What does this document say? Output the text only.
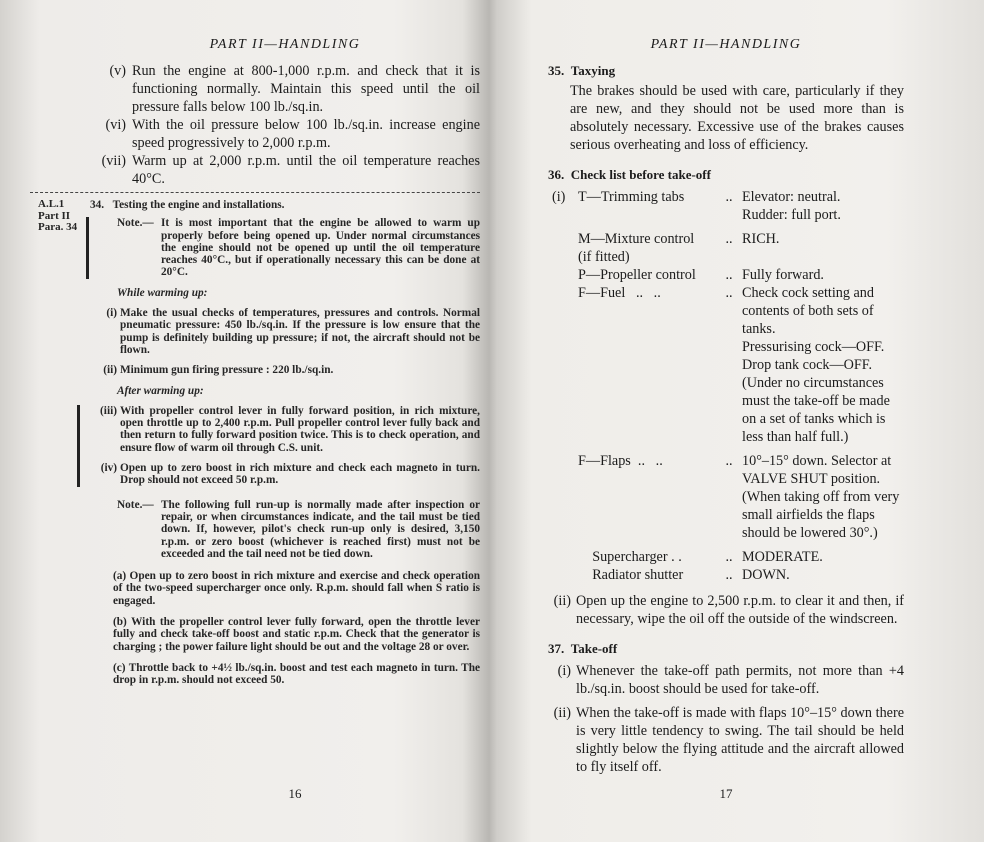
PART II—HANDLING
(v) Run the engine at 800-1,000 r.p.m. and check that it is functioning normally. Maintain this speed until the oil pressure falls below 100 lb./sq.in.
(vi) With the oil pressure below 100 lb./sq.in. increase engine speed progressively to 2,000 r.p.m.
(vii) Warm up at 2,000 r.p.m. until the oil temperature reaches 40°C.
A.L.1
Part II
Para. 34
34. Testing the engine and installations.
Note.— It is most important that the engine be allowed to warm up properly before being opened up. Under normal circumstances the engine should not be opened up until the oil temperature reaches 40°C., but if operationally necessary this can be done at 20°C.
While warming up:
(i) Make the usual checks of temperatures, pressures and controls. Normal pneumatic pressure: 450 lb./sq.in. If the pressure is low ensure that the pump is definitely building up pressure; if not, the aircraft should not be flown.
(ii) Minimum gun firing pressure : 220 lb./sq.in.
After warming up:
(iii) With propeller control lever in fully forward position, in rich mixture, open throttle up to 2,400 r.p.m. Pull propeller control lever fully back and then return to fully forward position twice. This is to check operation, and ensure flow of warm oil through C.S. unit.
(iv) Open up to zero boost in rich mixture and check each magneto in turn. Drop should not exceed 50 r.p.m.
Note.— The following full run-up is normally made after inspection or repair, or when circumstances indicate, and the tail must be tied down. If, however, pilot's check run-up only is desired, 3,150 r.p.m. or zero boost (whichever is reached first) must not be exceeded and the tail need not be tied down.
(a) Open up to zero boost in rich mixture and exercise and check operation of the two-speed supercharger once only. R.p.m. should fall when S ratio is engaged.
(b) With the propeller control lever fully forward, open the throttle lever fully and check take-off boost and static r.p.m. Check that the generator is charging ; the power failure light should be out and the voltage 28 or over.
(c) Throttle back to +4½ lb./sq.in. boost and test each magneto in turn. The drop in r.p.m. should not exceed 50.
16
PART II—HANDLING
35. Taxying
The brakes should be used with care, particularly if they are new, and they should not be used more than is absolutely necessary. Excessive use of the brakes causes serious overheating and loss of efficiency.
36. Check list before take-off
(i)	T—Trimming tabs	..	Elevator: neutral.
Rudder: full port.

	M—Mixture control (if fitted)	..	RICH.
	P—Propeller control	..	Fully forward.
	F—Fuel   ..   ..	..	Check cock setting and contents of both sets of tanks.
Pressurising cock—OFF.
Drop tank cock—OFF.
(Under no circumstances must the take-off be made on a set of tanks which is less than half full.)

	F—Flaps  ..   ..	..	10°–15° down. Selector at VALVE SHUT position. (When taking off from very small airfields the flaps should be lowered 30°.)

	Supercharger . .	..	MODERATE.
	Radiator shutter	..	DOWN.
(ii) Open up the engine to 2,500 r.p.m. to clear it and then, if necessary, wipe the oil off the outside of the windscreen.
37. Take-off
(i) Whenever the take-off path permits, not more than +4 lb./sq.in. boost should be used for take-off.
(ii) When the take-off is made with flaps 10°–15° down there is very little tendency to swing. The tail should be held slightly below the flying attitude and the aircraft allowed to fly itself off.
17
